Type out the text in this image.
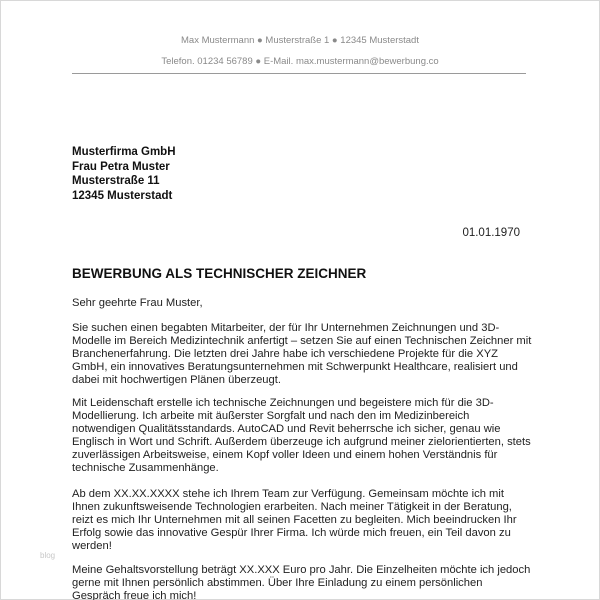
Max Mustermann ● Musterstraße 1 ● 12345 Musterstadt
Telefon. 01234 56789 ● E-Mail. max.mustermann@bewerbung.co
Musterfirma GmbH
Frau Petra Muster
Musterstraße 11
12345 Musterstadt
01.01.1970
BEWERBUNG ALS TECHNISCHER ZEICHNER
Sehr geehrte Frau Muster,
Sie suchen einen begabten Mitarbeiter, der für Ihr Unternehmen Zeichnungen und 3D-
Modelle im Bereich Medizintechnik anfertigt – setzen Sie auf einen Technischen Zeichner mit
Branchenerfahrung. Die letzten drei Jahre habe ich verschiedene Projekte für die XYZ
GmbH, ein innovatives Beratungsunternehmen mit Schwerpunkt Healthcare, realisiert und
dabei mit hochwertigen Plänen überzeugt.
Mit Leidenschaft erstelle ich technische Zeichnungen und begeistere mich für die 3D-
Modellierung. Ich arbeite mit äußerster Sorgfalt und nach den im Medizinbereich
notwendigen Qualitätsstandards. AutoCAD und Revit beherrsche ich sicher, genau wie
Englisch in Wort und Schrift. Außerdem überzeuge ich aufgrund meiner zielorientierten, stets
zuverlässigen Arbeitsweise, einem Kopf voller Ideen und einem hohen Verständnis für
technische Zusammenhänge.
Ab dem XX.XX.XXXX stehe ich Ihrem Team zur Verfügung. Gemeinsam möchte ich mit
Ihnen zukunftsweisende Technologien erarbeiten. Nach meiner Tätigkeit in der Beratung,
reizt es mich Ihr Unternehmen mit all seinen Facetten zu begleiten. Mich beeindrucken Ihr
Erfolg sowie das innovative Gespür Ihrer Firma. Ich würde mich freuen, ein Teil davon zu
werden!
Meine Gehaltsvorstellung beträgt XX.XXX Euro pro Jahr. Die Einzelheiten möchte ich jedoch
gerne mit Ihnen persönlich abstimmen. Über Ihre Einladung zu einem persönlichen
Gespräch freue ich mich!
blog
